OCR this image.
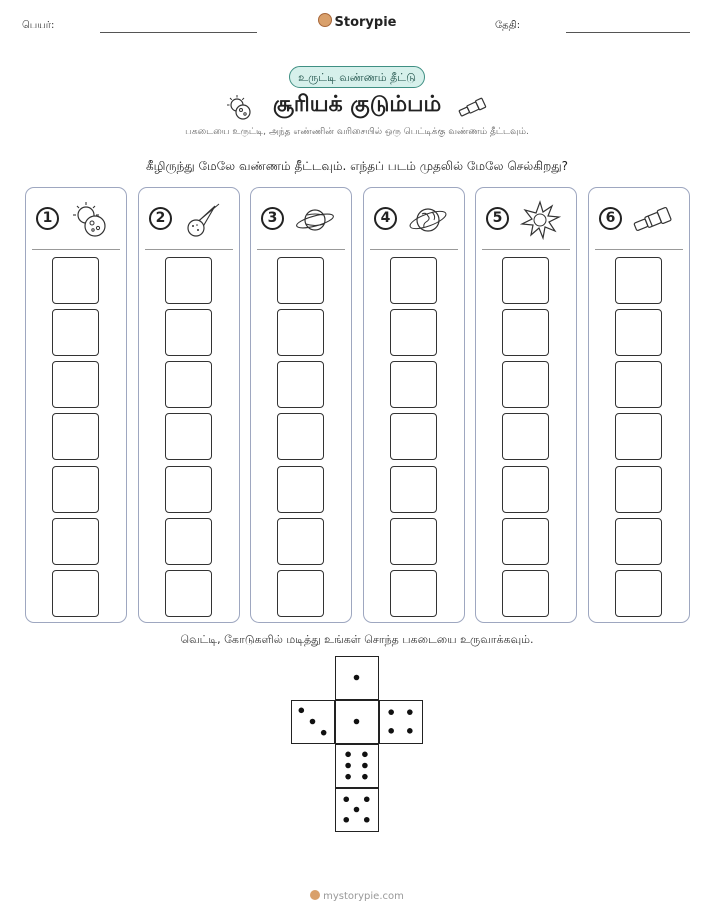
பெயர்:	Storypie	தேதி:
உருட்டி வண்ணம் தீட்டு
சூரியக் குடும்பம்
பகடையை உருட்டி, அந்த எண்ணின் வரிசையில் ஒரு பெட்டிக்கு வண்ணம் தீட்டவும்.
கீழிருந்து மேலே வண்ணம் தீட்டவும். எந்தப் படம் முதலில் மேலே செல்கிறது?
1	2	3	4	5	6
வெட்டி, கோடுகளில் மடித்து உங்கள் சொந்த பகடையை உருவாக்கவும்.
mystorypie.com
